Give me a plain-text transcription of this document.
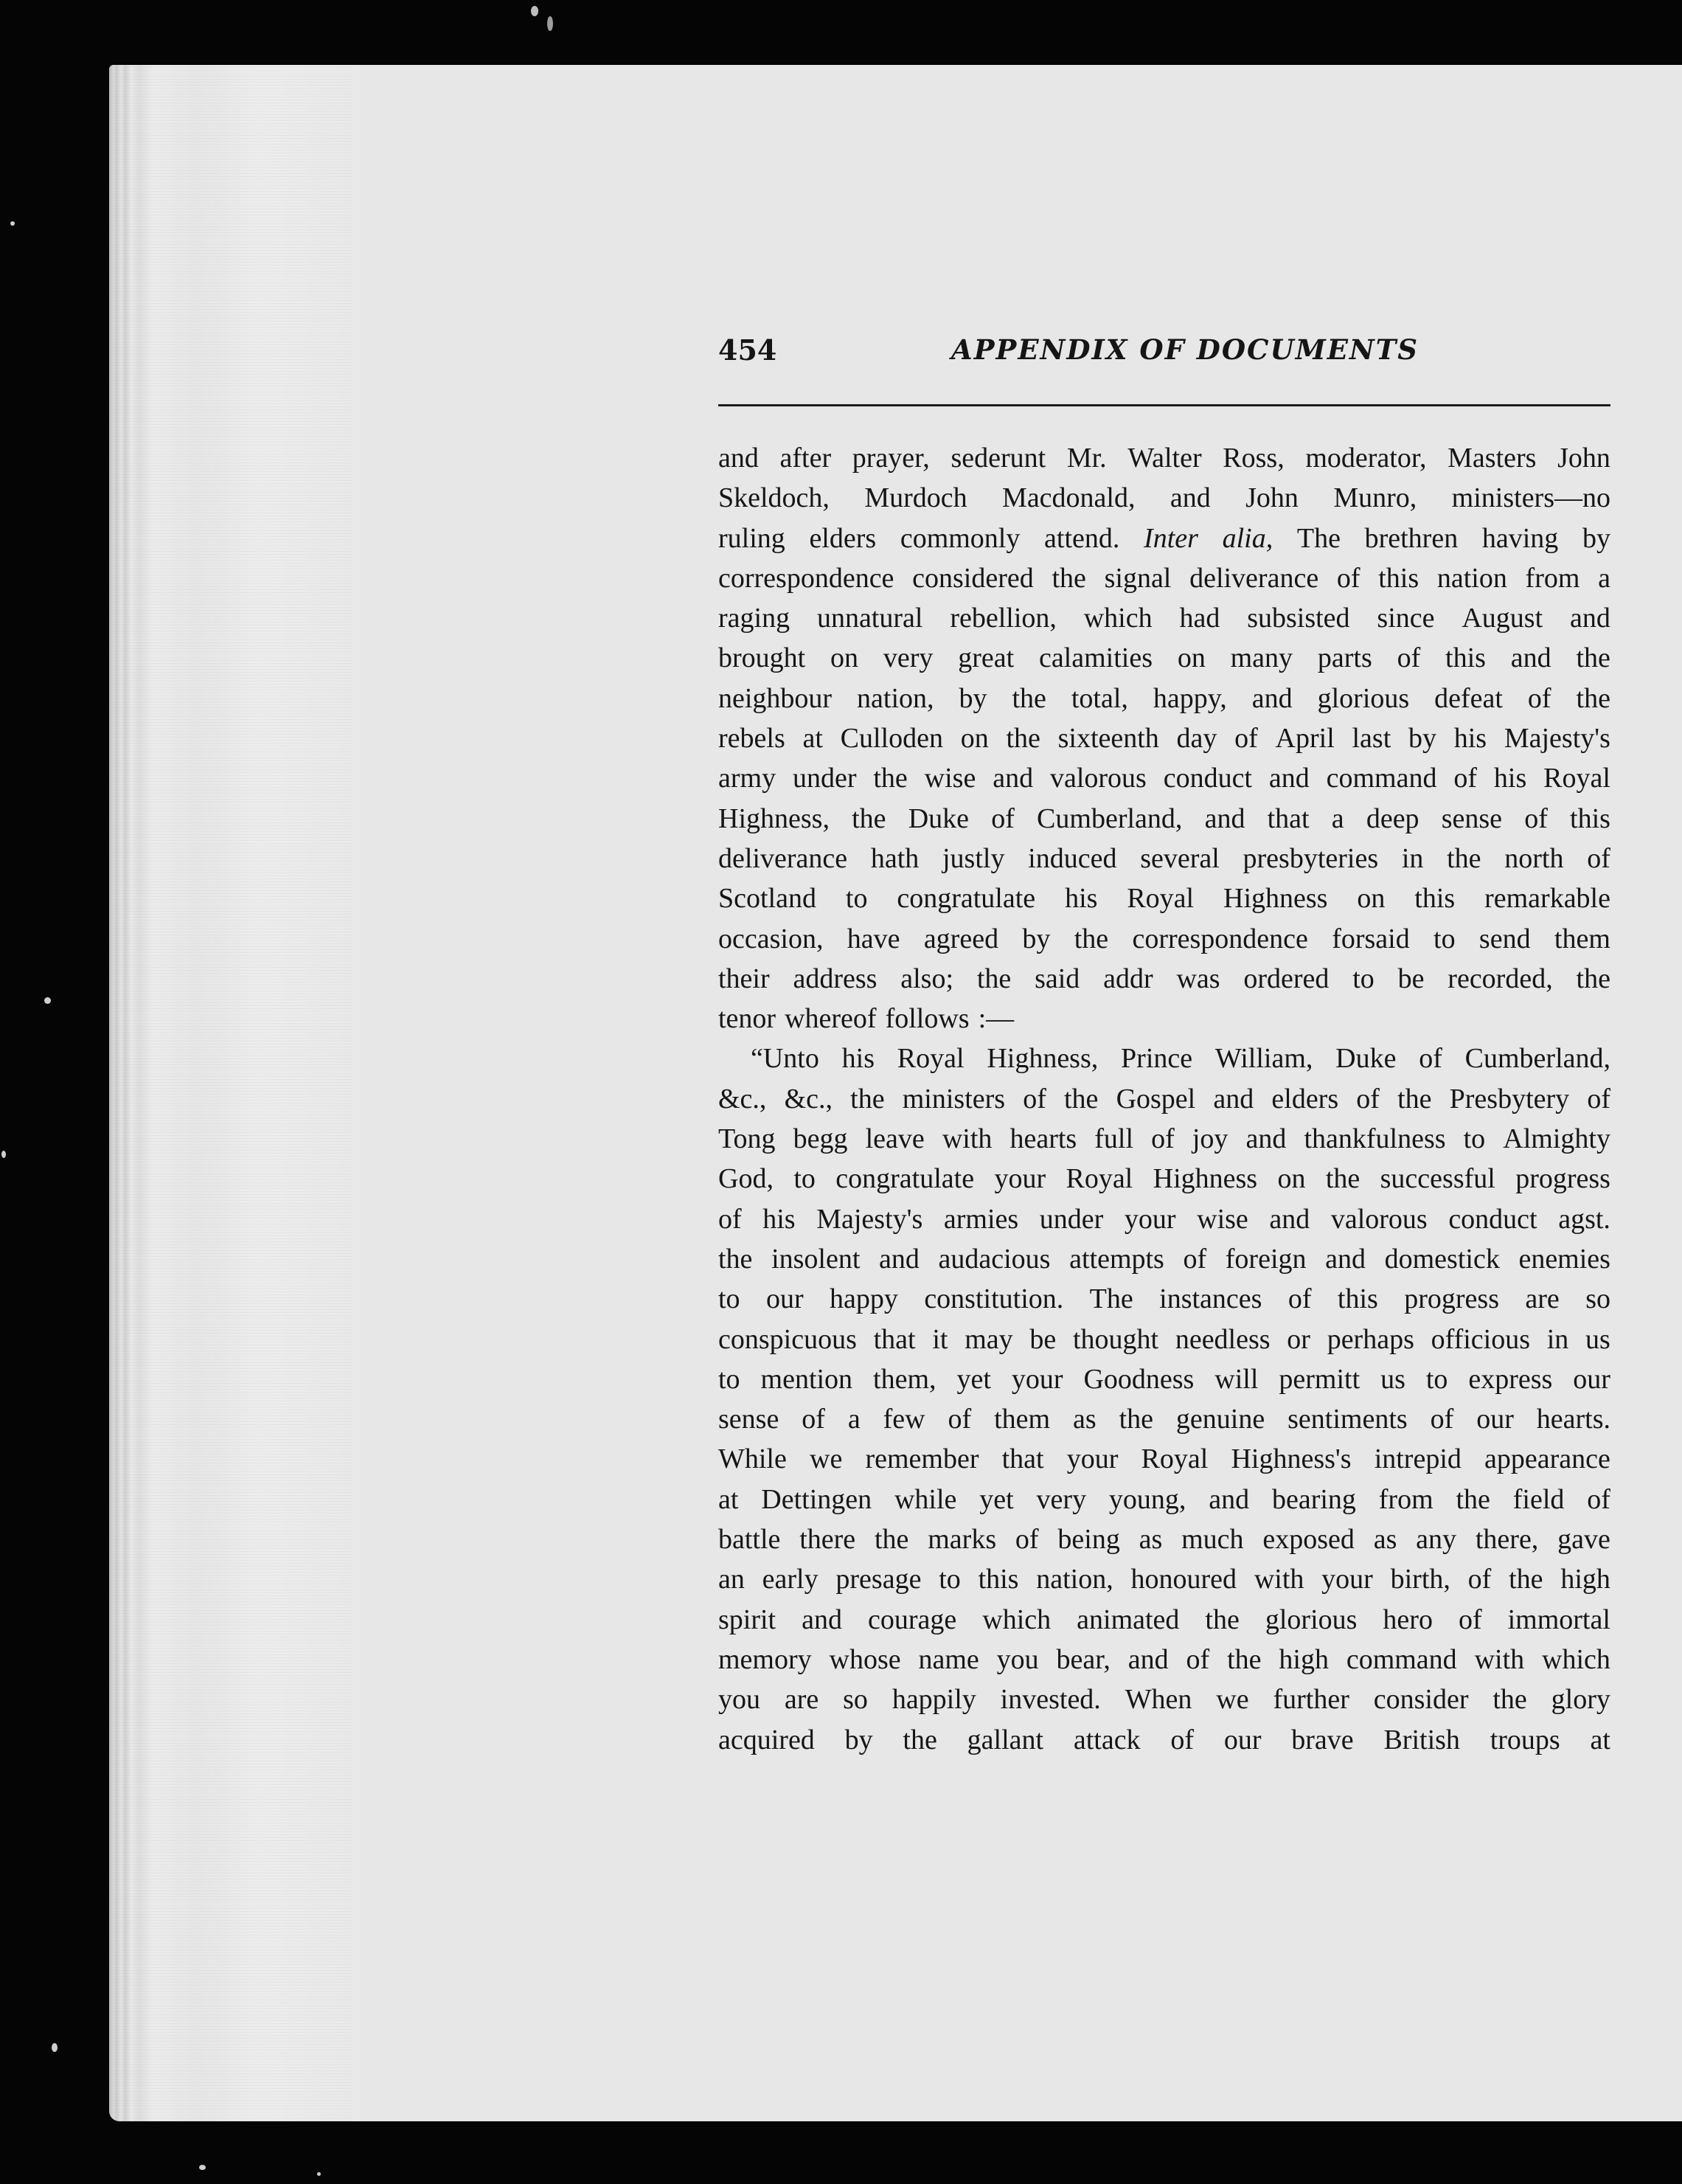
454	APPENDIX OF DOCUMENTS
and after prayer, sederunt Mr. Walter Ross, moderator, Masters John
Skeldoch, Murdoch Macdonald, and John Munro, ministers—no
ruling elders commonly attend. Inter alia, The brethren having by
correspondence considered the signal deliverance of this nation from a
raging unnatural rebellion, which had subsisted since August and
brought on very great calamities on many parts of this and the
neighbour nation, by the total, happy, and glorious defeat of the
rebels at Culloden on the sixteenth day of April last by his Majesty's
army under the wise and valorous conduct and command of his Royal
Highness, the Duke of Cumberland, and that a deep sense of this
deliverance hath justly induced several presbyteries in the north of
Scotland to congratulate his Royal Highness on this remarkable
occasion, have agreed by the correspondence forsaid to send them
their address also; the said addr was ordered to be recorded, the
tenor whereof follows :—
“Unto his Royal Highness, Prince William, Duke of Cumberland,
&c., &c., the ministers of the Gospel and elders of the Presbytery of
Tong begg leave with hearts full of joy and thankfulness to Almighty
God, to congratulate your Royal Highness on the successful progress
of his Majesty's armies under your wise and valorous conduct agst.
the insolent and audacious attempts of foreign and domestick enemies
to our happy constitution. The instances of this progress are so
conspicuous that it may be thought needless or perhaps officious in us
to mention them, yet your Goodness will permitt us to express our
sense of a few of them as the genuine sentiments of our hearts.
While we remember that your Royal Highness's intrepid appearance
at Dettingen while yet very young, and bearing from the field of
battle there the marks of being as much exposed as any there, gave
an early presage to this nation, honoured with your birth, of the high
spirit and courage which animated the glorious hero of immortal
memory whose name you bear, and of the high command with which
you are so happily invested. When we further consider the glory
acquired by the gallant attack of our brave British troups at
